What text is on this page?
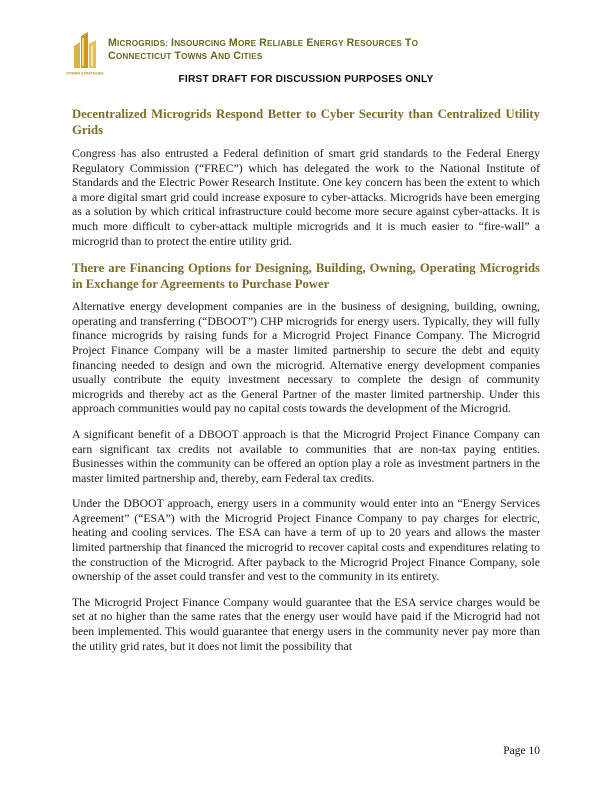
POWER STRATEGIES
MICROGRIDS: INSOURCING MORE RELIABLE ENERGY RESOURCES TO
CONNECTICUT TOWNS AND CITIES
FIRST DRAFT FOR DISCUSSION PURPOSES ONLY
Decentralized Microgrids Respond Better to Cyber Security than Centralized Utility Grids

Congress has also entrusted a Federal definition of smart grid standards to the Federal Energy Regulatory Commission (“FREC”) which has delegated the work to the National Institute of Standards and the Electric Power Research Institute. One key concern has been the extent to which a more digital smart grid could increase exposure to cyber-attacks. Microgrids have been emerging as a solution by which critical infrastructure could become more secure against cyber-attacks. It is much more difficult to cyber-attack multiple microgrids and it is much easier to “fire-wall” a microgrid than to protect the entire utility grid.

There are Financing Options for Designing, Building, Owning, Operating Microgrids in Exchange for Agreements to Purchase Power

Alternative energy development companies are in the business of designing, building, owning, operating and transferring (“DBOOT”) CHP microgrids for energy users. Typically, they will fully finance microgrids by raising funds for a Microgrid Project Finance Company. The Microgrid Project Finance Company will be a master limited partnership to secure the debt and equity financing needed to design and own the microgrid. Alternative energy development companies usually contribute the equity investment necessary to complete the design of community microgrids and thereby act as the General Partner of the master limited partnership. Under this approach communities would pay no capital costs towards the development of the Microgrid.

A significant benefit of a DBOOT approach is that the Microgrid Project Finance Company can earn significant tax credits not available to communities that are non-tax paying entities. Businesses within the community can be offered an option play a role as investment partners in the master limited partnership and, thereby, earn Federal tax credits.

Under the DBOOT approach, energy users in a community would enter into an “Energy Services Agreement” (“ESA”) with the Microgrid Project Finance Company to pay charges for electric, heating and cooling services. The ESA can have a term of up to 20 years and allows the master limited partnership that financed the microgrid to recover capital costs and expenditures relating to the construction of the Microgrid. After payback to the Microgrid Project Finance Company, sole ownership of the asset could transfer and vest to the community in its entirety.

The Microgrid Project Finance Company would guarantee that the ESA service charges would be set at no higher than the same rates that the energy user would have paid if the Microgrid had not been implemented. This would guarantee that energy users in the community never pay more than the utility grid rates, but it does not limit the possibility that

Page 10
